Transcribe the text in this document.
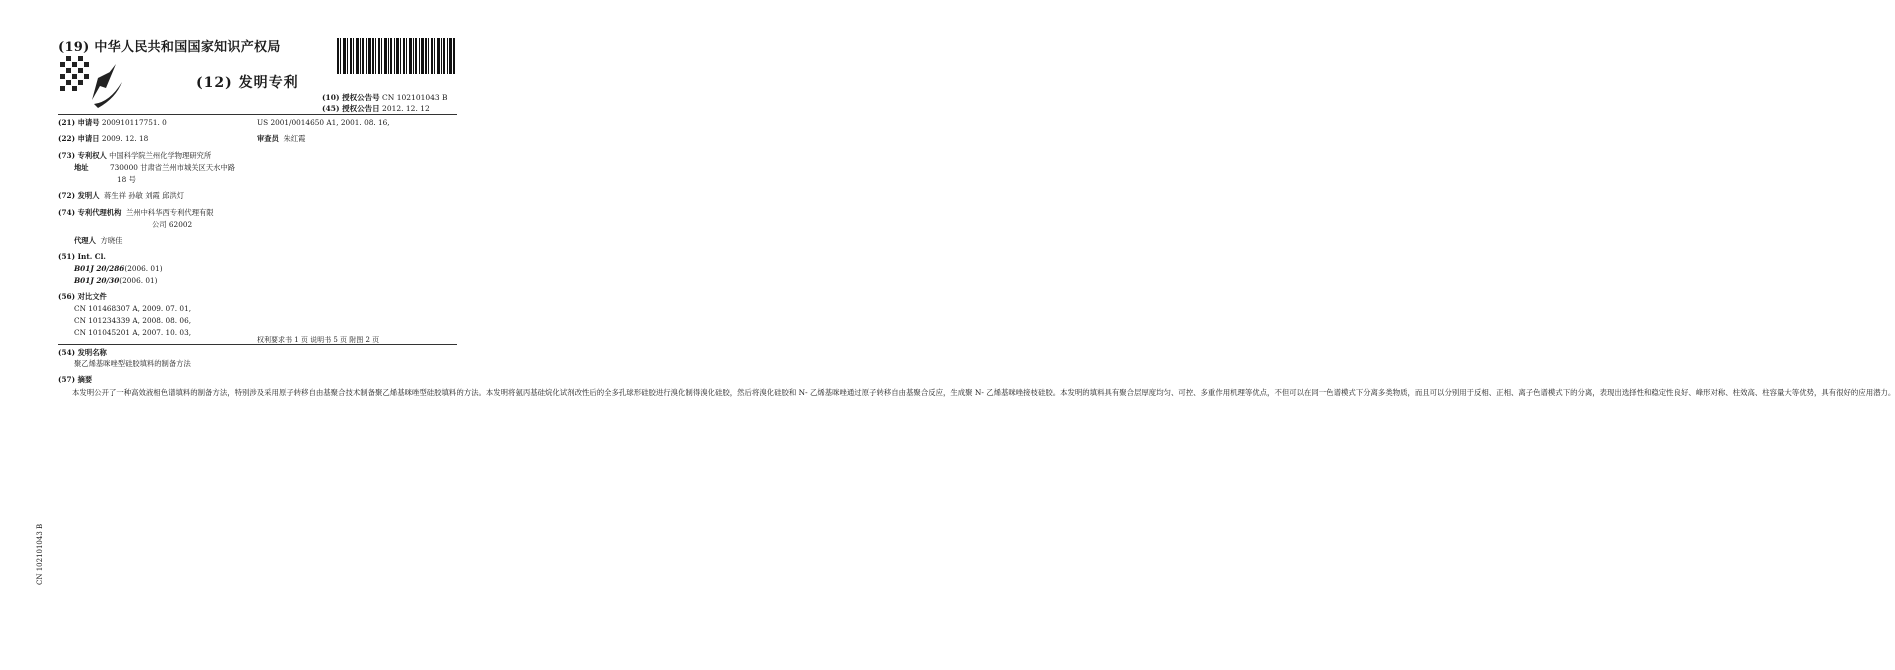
(19) 中华人民共和国国家知识产权局
(12) 发明专利
(10) 授权公告号 CN 102101043 B
(45) 授权公告日 2012. 12. 12
(21) 申请号 200910117751. 0
(22) 申请日 2009. 12. 18
(73) 专利权人 中国科学院兰州化学物理研究所
地址	730000 甘肃省兰州市城关区天水中路
18 号
(72) 发明人 蒋生祥 孙敏 刘霞 邱洪灯
(74) 专利代理机构 兰州中科华西专利代理有限
公司 62002
代理人 方晓佳
(51) Int. Cl.
B01J 20/286(2006. 01)
B01J 20/30(2006. 01)
(56) 对比文件
CN 101468307 A, 2009. 07. 01,
CN 101234339 A, 2008. 08. 06,
CN 101045201 A, 2007. 10. 03,
US 2001/0014650 A1, 2001. 08. 16,
审查员 朱红霞
权利要求书 1 页 说明书 5 页 附图 2 页
(54) 发明名称
聚乙烯基咪唑型硅胶填料的制备方法
(57) 摘要
本发明公开了一种高效液相色谱填料的制备方法，特别涉及采用原子转移自由基聚合技术制备聚乙烯基咪唑型硅胶填料的方法。本发明将氨丙基硅烷化试剂改性后的全多孔球形硅胶进行溴化制得溴化硅胶，然后将溴化硅胶和 N- 乙烯基咪唑通过原子转移自由基聚合反应，生成聚 N- 乙烯基咪唑接枝硅胶。本发明的填料具有聚合层厚度均匀、可控、多重作用机理等优点，不但可以在同一色谱模式下分离多类物质，而且可以分别用于反相、正相、离子色谱模式下的分离，表现出选择性和稳定性良好、峰形对称、柱效高、柱容量大等优势，具有很好的应用潜力。
CN 102101043 B
